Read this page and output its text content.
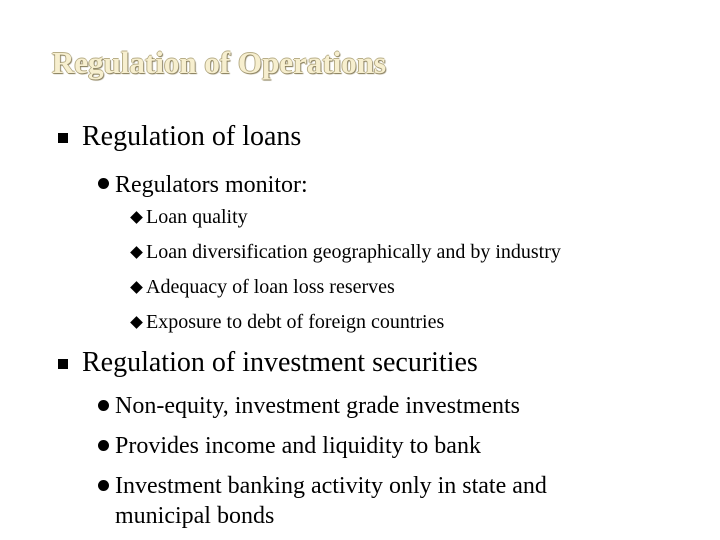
Regulation of Operations
Regulation of loans
Regulators monitor:
Loan quality
Loan diversification geographically and by industry
Adequacy of loan loss reserves
Exposure to debt of foreign countries
Regulation of investment securities
Non-equity, investment grade investments
Provides income and liquidity to bank
Investment banking activity only in state and municipal bonds
